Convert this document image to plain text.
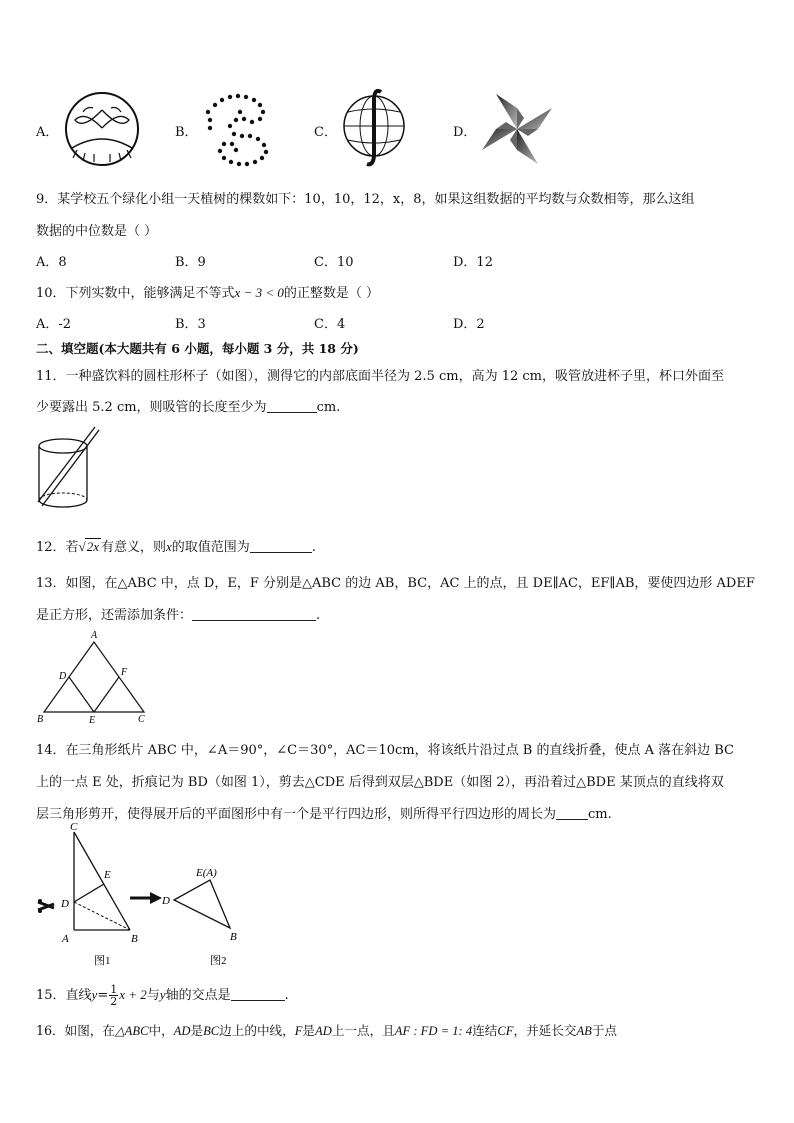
A．	B．	C．	D．
9．某学校五个绿化小组一天植树的棵数如下：10，10，12，x，8，如果这组数据的平均数与众数相等，那么这组
数据的中位数是（ ）
A．8	B．9	C．10	D．12
10．下列实数中，能够满足不等式x − 3 < 0的正整数是（ ）
A．-2	B．3	C．4	D．2
二、填空题(本大题共有 6 小题，每小题 3 分，共 18 分)
11．一种盛饮料的圆柱形杯子（如图），测得它的内部底面半径为 2.5 cm，高为 12 cm，吸管放进杯子里，杯口外面至
少要露出 5.2 cm，则吸管的长度至少为	cm.
12．若√2x 有意义，则x的取值范围为	.
13．如图，在△ABC 中，点 D，E，F 分别是△ABC 的边 AB，BC，AC 上的点，且 DE∥AC，EF∥AB，要使四边形 ADEF
是正方形，还需添加条件：	.
A
D	F
B	E	C
14．在三角形纸片 ABC 中，∠A＝90°，∠C＝30°，AC＝10cm，将该纸片沿过点 B 的直线折叠，使点 A 落在斜边 BC
上的一点 E 处，折痕记为 BD（如图 1），剪去△CDE 后得到双层△BDE（如图 2），再沿着过△BDE 某顶点的直线将双
层三角形剪开，使得展开后的平面图形中有一个是平行四边形，则所得平行四边形的周长为 cm.
C
E
D
A	B
E(A)
D
B
图1	图2
15．直线$y= \frac{1}{2}$ x + 2与y轴的交点是	.
16．如图，在△ABC中，AD是BC边上的中线，F是AD上一点，且AF : FD = 1: 4连结CF，并延长交AB于点
